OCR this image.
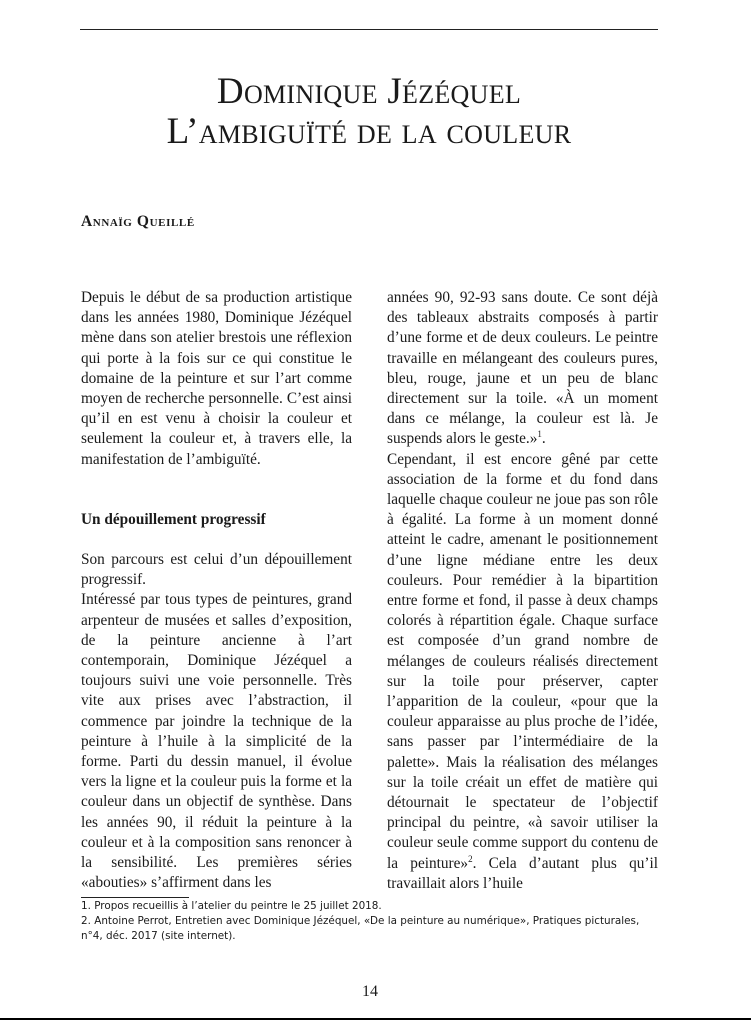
Dominique Jézéquel
L’ambiguïté de la couleur
Annaïg Queillé

Depuis le début de sa production artistique dans les années 1980, Dominique Jézéquel mène dans son atelier brestois une réflexion qui porte à la fois sur ce qui constitue le domaine de la peinture et sur l’art comme moyen de recherche personnelle. C’est ainsi qu’il en est venu à choisir la couleur et seulement la couleur et, à travers elle, la manifestation de l’ambiguïté.

Un dépouillement progressif

Son parcours est celui d’un dépouillement progressif.

Intéressé par tous types de peintures, grand arpenteur de musées et salles d’exposition, de la peinture ancienne à l’art contemporain, Dominique Jézéquel a toujours suivi une voie personnelle. Très vite aux prises avec l’abstraction, il commence par joindre la technique de la peinture à l’huile à la simplicité de la forme. Parti du dessin manuel, il évolue vers la ligne et la couleur puis la forme et la couleur dans un objectif de synthèse. Dans les années 90, il réduit la peinture à la couleur et à la composition sans renoncer à la sensibilité. Les premières séries «abouties» s’affirment dans les

années 90, 92-93 sans doute. Ce sont déjà des tableaux abstraits composés à partir d’une forme et de deux couleurs. Le peintre travaille en mélangeant des couleurs pures, bleu, rouge, jaune et un peu de blanc directement sur la toile. «À un moment dans ce mélange, la couleur est là. Je suspends alors le geste.»$^1$.

Cependant, il est encore gêné par cette association de la forme et du fond dans laquelle chaque couleur ne joue pas son rôle à égalité. La forme à un moment donné atteint le cadre, amenant le positionnement d’une ligne médiane entre les deux couleurs. Pour remédier à la bipartition entre forme et fond, il passe à deux champs colorés à répartition égale. Chaque surface est composée d’un grand nombre de mélanges de couleurs réalisés directement sur la toile pour préserver, capter l’apparition de la couleur, «pour que la couleur apparaisse au plus proche de l’idée, sans passer par l’intermédiaire de la palette». Mais la réalisation des mélanges sur la toile créait un effet de matière qui détournait le spectateur de l’objectif principal du peintre, «à savoir utiliser la couleur seule comme support du contenu de la peinture»$^2$. Cela d’autant plus qu’il travaillait alors l’huile

1. Propos recueillis à l’atelier du peintre le 25 juillet 2018.

2. Antoine Perrot, Entretien avec Dominique Jézéquel, «De la peinture au numérique», Pratiques picturales, n°4, déc. 2017 (site internet).

14
